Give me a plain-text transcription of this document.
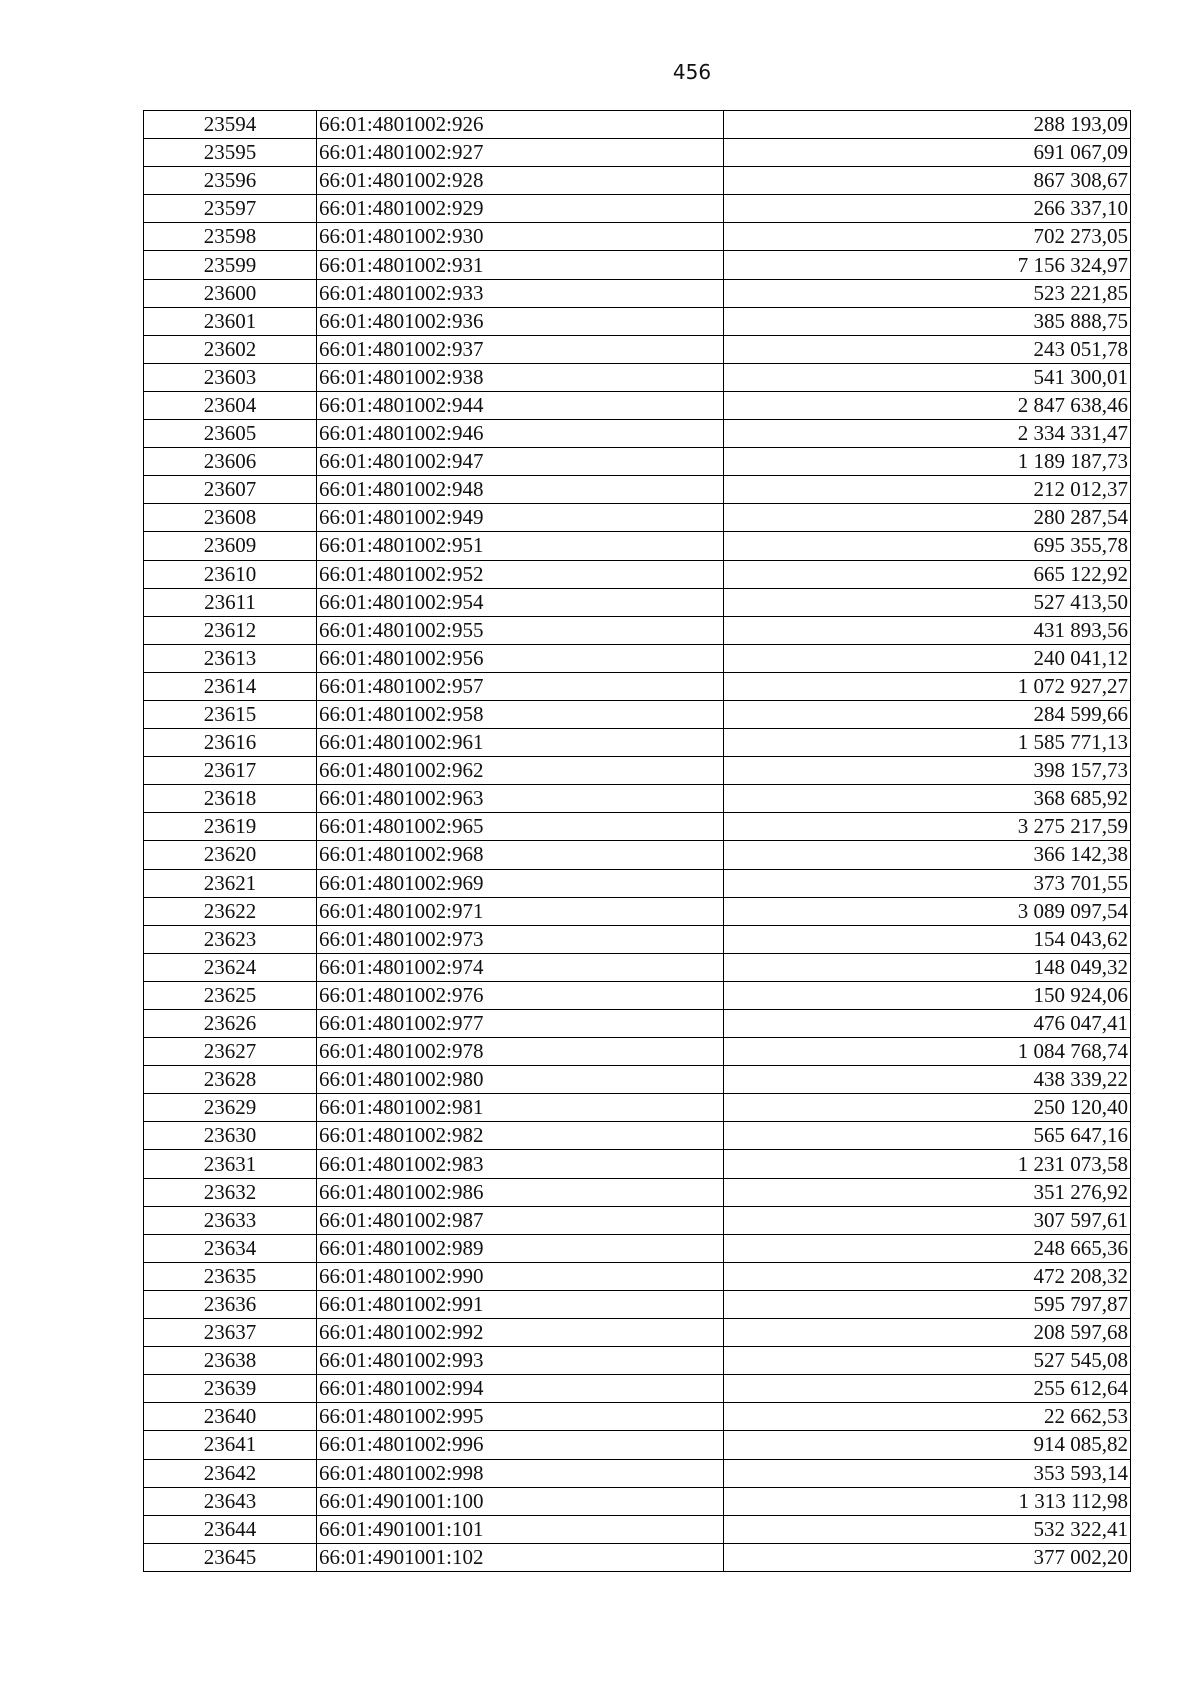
456
23594	66:01:4801002:926	288 193,09
23595	66:01:4801002:927	691 067,09
23596	66:01:4801002:928	867 308,67
23597	66:01:4801002:929	266 337,10
23598	66:01:4801002:930	702 273,05
23599	66:01:4801002:931	7 156 324,97
23600	66:01:4801002:933	523 221,85
23601	66:01:4801002:936	385 888,75
23602	66:01:4801002:937	243 051,78
23603	66:01:4801002:938	541 300,01
23604	66:01:4801002:944	2 847 638,46
23605	66:01:4801002:946	2 334 331,47
23606	66:01:4801002:947	1 189 187,73
23607	66:01:4801002:948	212 012,37
23608	66:01:4801002:949	280 287,54
23609	66:01:4801002:951	695 355,78
23610	66:01:4801002:952	665 122,92
23611	66:01:4801002:954	527 413,50
23612	66:01:4801002:955	431 893,56
23613	66:01:4801002:956	240 041,12
23614	66:01:4801002:957	1 072 927,27
23615	66:01:4801002:958	284 599,66
23616	66:01:4801002:961	1 585 771,13
23617	66:01:4801002:962	398 157,73
23618	66:01:4801002:963	368 685,92
23619	66:01:4801002:965	3 275 217,59
23620	66:01:4801002:968	366 142,38
23621	66:01:4801002:969	373 701,55
23622	66:01:4801002:971	3 089 097,54
23623	66:01:4801002:973	154 043,62
23624	66:01:4801002:974	148 049,32
23625	66:01:4801002:976	150 924,06
23626	66:01:4801002:977	476 047,41
23627	66:01:4801002:978	1 084 768,74
23628	66:01:4801002:980	438 339,22
23629	66:01:4801002:981	250 120,40
23630	66:01:4801002:982	565 647,16
23631	66:01:4801002:983	1 231 073,58
23632	66:01:4801002:986	351 276,92
23633	66:01:4801002:987	307 597,61
23634	66:01:4801002:989	248 665,36
23635	66:01:4801002:990	472 208,32
23636	66:01:4801002:991	595 797,87
23637	66:01:4801002:992	208 597,68
23638	66:01:4801002:993	527 545,08
23639	66:01:4801002:994	255 612,64
23640	66:01:4801002:995	22 662,53
23641	66:01:4801002:996	914 085,82
23642	66:01:4801002:998	353 593,14
23643	66:01:4901001:100	1 313 112,98
23644	66:01:4901001:101	532 322,41
23645	66:01:4901001:102	377 002,20
